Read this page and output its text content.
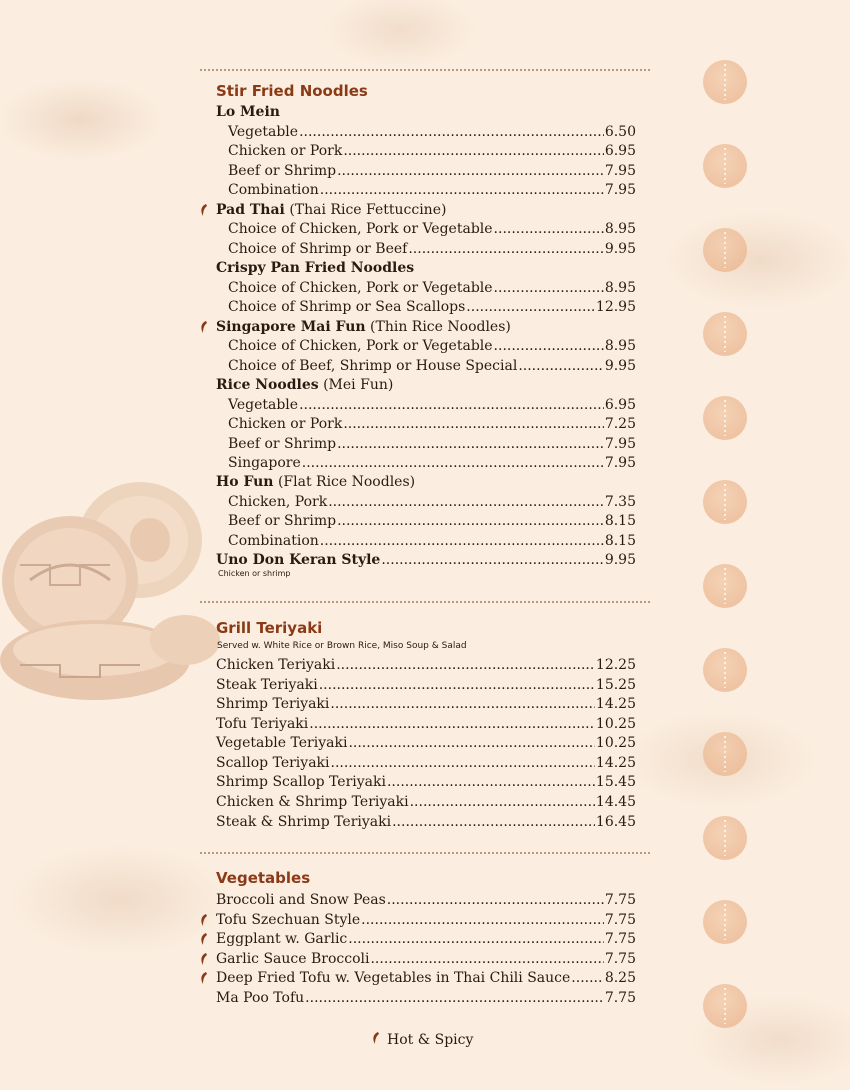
Stir Fried Noodles
Lo Mein
Vegetable .....	6.50
Chicken or Pork .....	6.95
Beef or Shrimp .....	7.95
Combination .....	7.95
Pad Thai (Thai Rice Fettuccine)
Choice of Chicken, Pork or Vegetable .....	8.95
Choice of Shrimp or Beef .....	9.95
Crispy Pan Fried Noodles
Choice of Chicken, Pork or Vegetable .....	8.95
Choice of Shrimp or Sea Scallops .....	12.95
Singapore Mai Fun (Thin Rice Noodles)
Choice of Chicken, Pork or Vegetable .....	8.95
Choice of Beef, Shrimp or House Special .....	9.95
Rice Noodles (Mei Fun)
Vegetable .....	6.95
Chicken or Pork .....	7.25
Beef or Shrimp .....	7.95
Singapore .....	7.95
Ho Fun (Flat Rice Noodles)
Chicken, Pork .....	7.35
Beef or Shrimp .....	8.15
Combination .....	8.15
Uno Don Keran Style .....	9.95
Chicken or shrimp
Grill Teriyaki
Served w. White Rice or Brown Rice, Miso Soup & Salad
Chicken Teriyaki .....	12.25
Steak Teriyaki .....	15.25
Shrimp Teriyaki .....	14.25
Tofu Teriyaki .....	10.25
Vegetable Teriyaki .....	10.25
Scallop Teriyaki .....	14.25
Shrimp Scallop Teriyaki .....	15.45
Chicken & Shrimp Teriyaki .....	14.45
Steak & Shrimp Teriyaki .....	16.45
Vegetables
Broccoli and Snow Peas .....	7.75
Tofu Szechuan Style .....	7.75
Eggplant w. Garlic .....	7.75
Garlic Sauce Broccoli .....	7.75
Deep Fried Tofu w. Vegetables in Thai Chili Sauce ..... 8.25
Ma Poo Tofu .....	7.75
Hot & Spicy
